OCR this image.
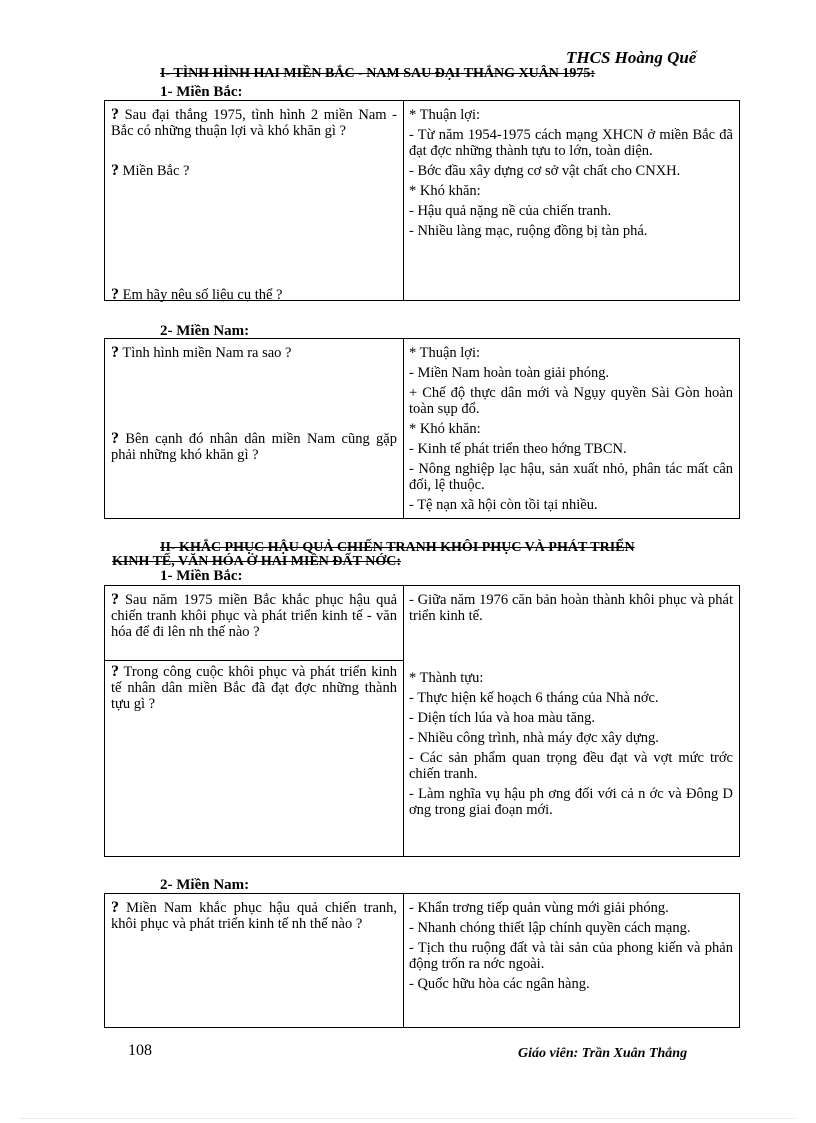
THCS Hoàng Quế
I- TÌNH HÌNH HAI MIỀN BẮC - NAM SAU ĐẠI THẮNG XUÂN 1975:
1- Miền Bắc:
? Sau đại thắng 1975, tình hình 2 miền Nam - Bắc có những thuận lợi và khó khăn gì ?
? Miền Bắc ?
? Em hãy nêu số liệu cụ thể ?
* Thuận lợi:
- Từ năm 1954-1975 cách mạng XHCN ở miền Bắc đã đạt đợc những thành tựu to lớn, toàn diện.
- Bớc đầu xây dựng cơ sở vật chất cho CNXH.
* Khó khăn:
- Hậu quả nặng nề của chiến tranh.
- Nhiều làng mạc, ruộng đồng bị tàn phá.
2- Miền Nam:
? Tình hình miền Nam ra sao ?
? Bên cạnh đó nhân dân miền Nam cũng gặp phải những khó khăn gì ?
* Thuận lợi:
- Miền Nam hoàn toàn giải phóng.
+ Chế độ thực dân mới và Ngụy quyền Sài Gòn hoàn toàn sụp đổ.
* Khó khăn:
- Kinh tế phát triển theo hớng TBCN.
- Nông nghiệp lạc hậu, sản xuất nhỏ, phân tác mất cân đối, lệ thuộc.
- Tệ nạn xã hội còn tồi tại nhiều.
II- KHẮC PHỤC HẬU QUẢ CHIẾN TRANH KHÔI PHỤC VÀ PHÁT TRIỂN
KINH TẾ, VĂN HÓA Ở HAI MIỀN ĐẤT NỚC:
1- Miền Bắc:
? Sau năm 1975 miền Bắc khắc phục hậu quả chiến tranh khôi phục và phát triển kinh tế - văn hóa để đi lên nh thế nào ?
? Trong công cuộc khôi phục và phát triển kinh tế nhân dân miền Bắc đã đạt đợc những thành tựu gì ?
- Giữa năm 1976 căn bản hoàn thành khôi phục và phát triển kinh tế.
* Thành tựu:
- Thực hiện kế hoạch 6 tháng của Nhà nớc.
- Diện tích lúa và hoa màu tăng.
- Nhiều công trình, nhà máy đợc xây dựng.
- Các sản phẩm quan trọng đều đạt và vợt mức trớc chiến tranh.
- Làm nghĩa vụ hậu ph ơng đối với cả n ớc và Đông D ơng trong giai đoạn mới.
2- Miền Nam:
? Miền Nam khắc phục hậu quả chiến tranh, khôi phục và phát triển kinh tế nh thế nào ?
- Khẩn trơng tiếp quản vùng mới giải phóng.
- Nhanh chóng thiết lập chính quyền cách mạng.
- Tịch thu ruộng đất và tài sản của phong kiến và phản động trốn ra nớc ngoài.
- Quốc hữu hòa các ngân hàng.
108	Giáo viên: Trần Xuân Thắng
